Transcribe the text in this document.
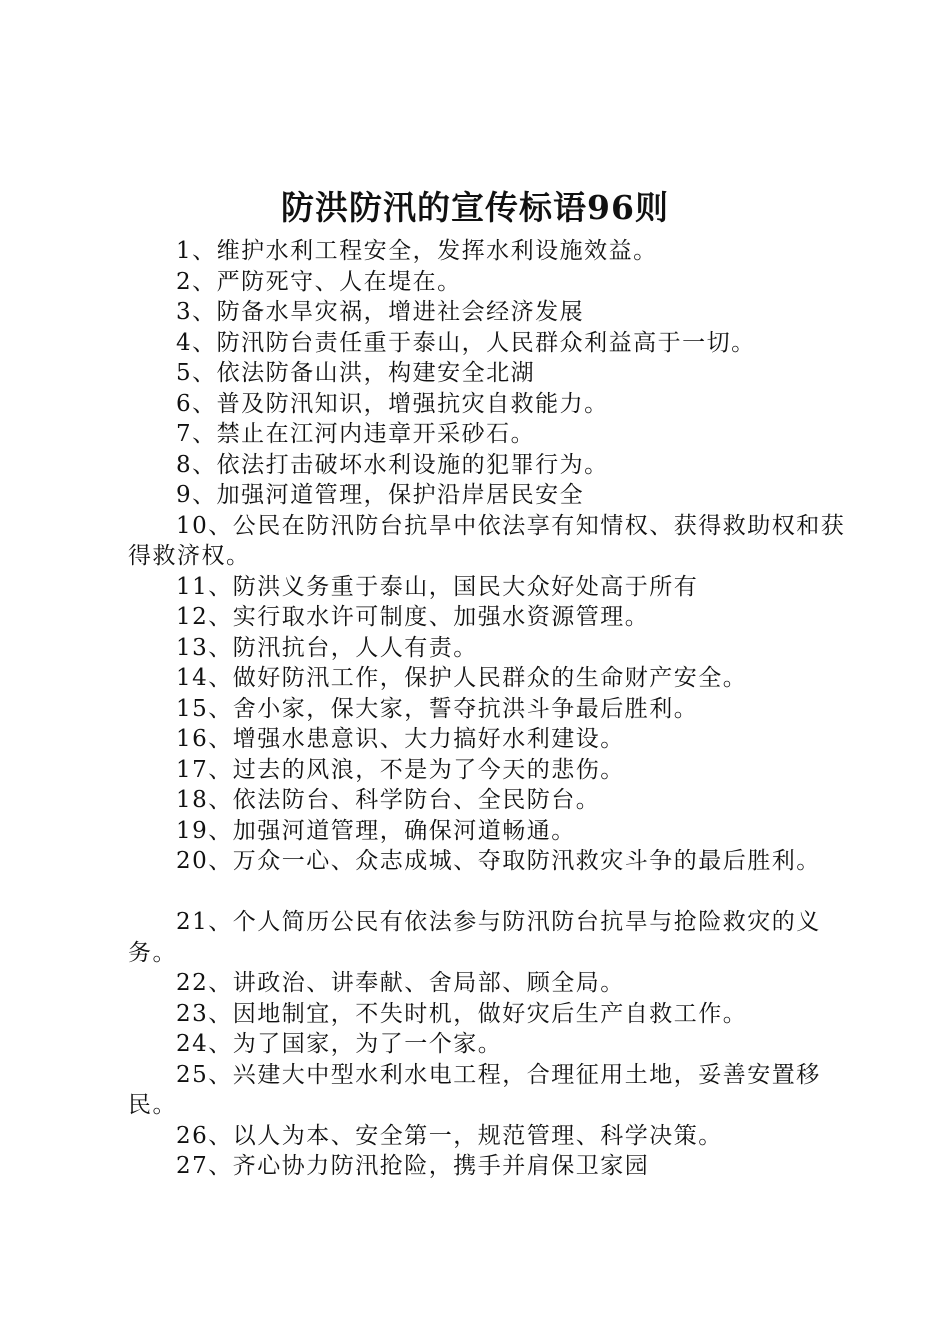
防洪防汛的宣传标语96则
1、维护水利工程安全，发挥水利设施效益。
2、严防死守、人在堤在。
3、防备水旱灾祸，增进社会经济发展
4、防汛防台责任重于泰山，人民群众利益高于一切。
5、依法防备山洪，构建安全北湖
6、普及防汛知识，增强抗灾自救能力。
7、禁止在江河内违章开采砂石。
8、依法打击破坏水利设施的犯罪行为。
9、加强河道管理，保护沿岸居民安全
10、公民在防汛防台抗旱中依法享有知情权、获得救助权和获得救济权。
11、防洪义务重于泰山，国民大众好处高于所有
12、实行取水许可制度、加强水资源管理。
13、防汛抗台，人人有责。
14、做好防汛工作，保护人民群众的生命财产安全。
15、舍小家，保大家，誓夺抗洪斗争最后胜利。
16、增强水患意识、大力搞好水利建设。
17、过去的风浪，不是为了今天的悲伤。
18、依法防台、科学防台、全民防台。
19、加强河道管理，确保河道畅通。
20、万众一心、众志成城、夺取防汛救灾斗争的最后胜利。
21、个人简历公民有依法参与防汛防台抗旱与抢险救灾的义务。
22、讲政治、讲奉献、舍局部、顾全局。
23、因地制宜，不失时机，做好灾后生产自救工作。
24、为了国家，为了一个家。
25、兴建大中型水利水电工程，合理征用土地，妥善安置移民。
26、以人为本、安全第一，规范管理、科学决策。
27、齐心协力防汛抢险，携手并肩保卫家园
